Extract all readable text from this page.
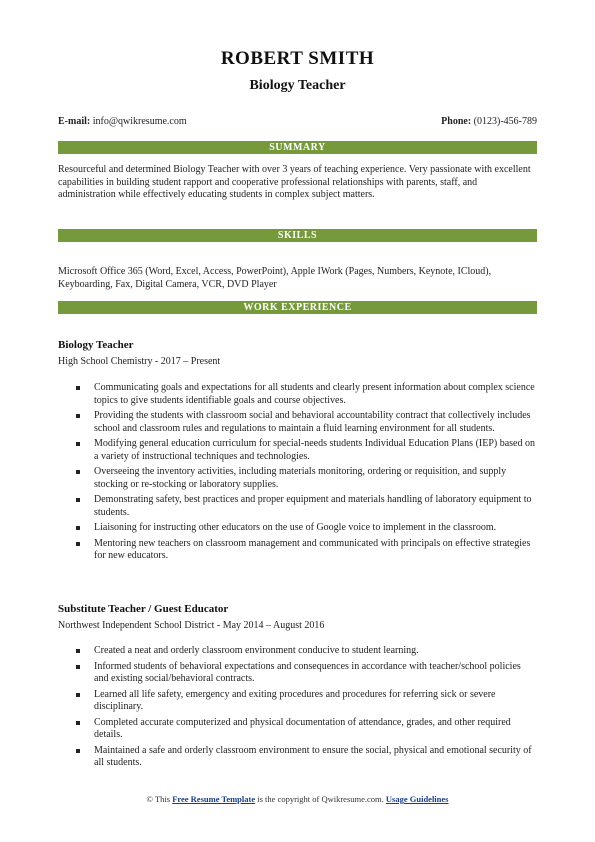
ROBERT SMITH
Biology Teacher
E-mail: info@qwikresume.com	Phone: (0123)-456-789
SUMMARY
Resourceful and determined Biology Teacher with over 3 years of teaching experience. Very passionate with excellent capabilities in building student rapport and cooperative professional relationships with parents, staff, and administration while effectively educating students in complex subject matters.
SKILLS
Microsoft Office 365 (Word, Excel, Access, PowerPoint), Apple IWork (Pages, Numbers, Keynote, ICloud), Keyboarding, Fax, Digital Camera, VCR, DVD Player
WORK EXPERIENCE
Biology Teacher
High School Chemistry - 2017 – Present
Communicating goals and expectations for all students and clearly present information about complex science topics to give students identifiable goals and course objectives.
Providing the students with classroom social and behavioral accountability contract that collectively includes school and classroom rules and regulations to maintain a fluid learning environment for all students.
Modifying general education curriculum for special-needs students Individual Education Plans (IEP) based on a variety of instructional techniques and technologies.
Overseeing the inventory activities, including materials monitoring, ordering or requisition, and supply stocking or re-stocking or laboratory supplies.
Demonstrating safety, best practices and proper equipment and materials handling of laboratory equipment to students.
Liaisoning for instructing other educators on the use of Google voice to implement in the classroom.
Mentoring new teachers on classroom management and communicated with principals on effective strategies for new educators.
Substitute Teacher / Guest Educator
Northwest Independent School District - May 2014 – August 2016
Created a neat and orderly classroom environment conducive to student learning.
Informed students of behavioral expectations and consequences in accordance with teacher/school policies and existing social/behavioral contracts.
Learned all life safety, emergency and exiting procedures and procedures for referring sick or severe disciplinary.
Completed accurate computerized and physical documentation of attendance, grades, and other required details.
Maintained a safe and orderly classroom environment to ensure the social, physical and emotional security of all students.
© This Free Resume Template is the copyright of Qwikresume.com. Usage Guidelines
